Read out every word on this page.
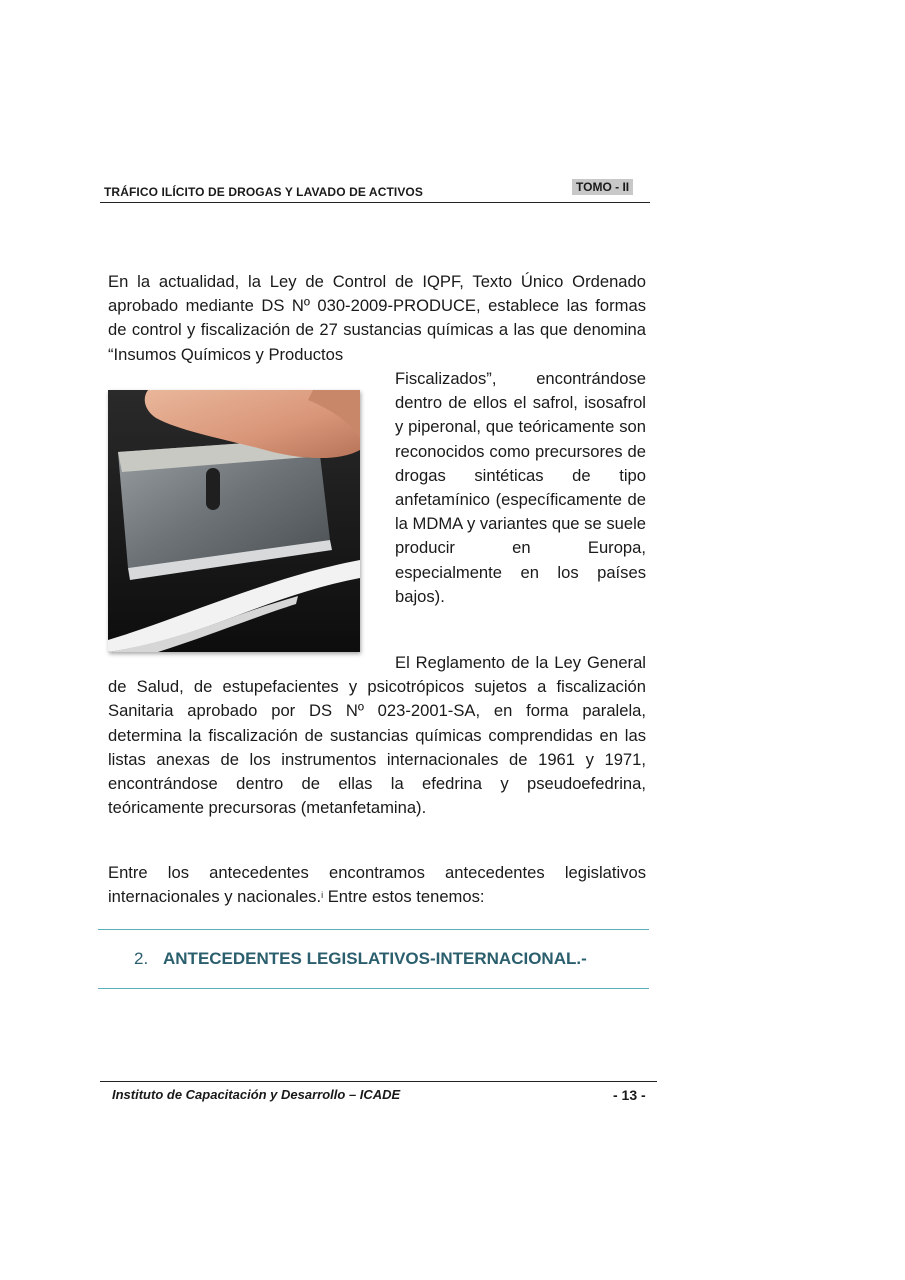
TRÁFICO ILÍCITO DE DROGAS Y LAVADO DE ACTIVOS	TOMO - II
En la actualidad, la Ley de Control de IQPF, Texto Único Ordenado aprobado mediante DS Nº 030-2009-PRODUCE, establece las formas de control y fiscalización de 27 sustancias químicas a las que denomina “Insumos Químicos y Productos
Fiscalizados”, encontrándose dentro de ellos el safrol, isosafrol y piperonal, que teóricamente son reconocidos como precursores de drogas sintéticas de tipo anfetamínico (específicamente de la MDMA y variantes que se suele producir en Europa, especialmente en los países bajos).
El Reglamento de la Ley General de Salud, de estupefacientes y psicotrópicos sujetos a fiscalización Sanitaria aprobado por DS Nº 023-2001-SA, en forma paralela, determina la fiscalización de sustancias químicas comprendidas en las listas anexas de los instrumentos internacionales de 1961 y 1971, encontrándose dentro de ellas la efedrina y pseudoefedrina, teóricamente precursoras (metanfetamina).
Entre los antecedentes encontramos antecedentes legislativos internacionales y nacionales.$^i$ Entre estos tenemos:
2. ANTECEDENTES LEGISLATIVOS-INTERNACIONAL.-
Instituto de Capacitación y Desarrollo – ICADE	- 13 -
